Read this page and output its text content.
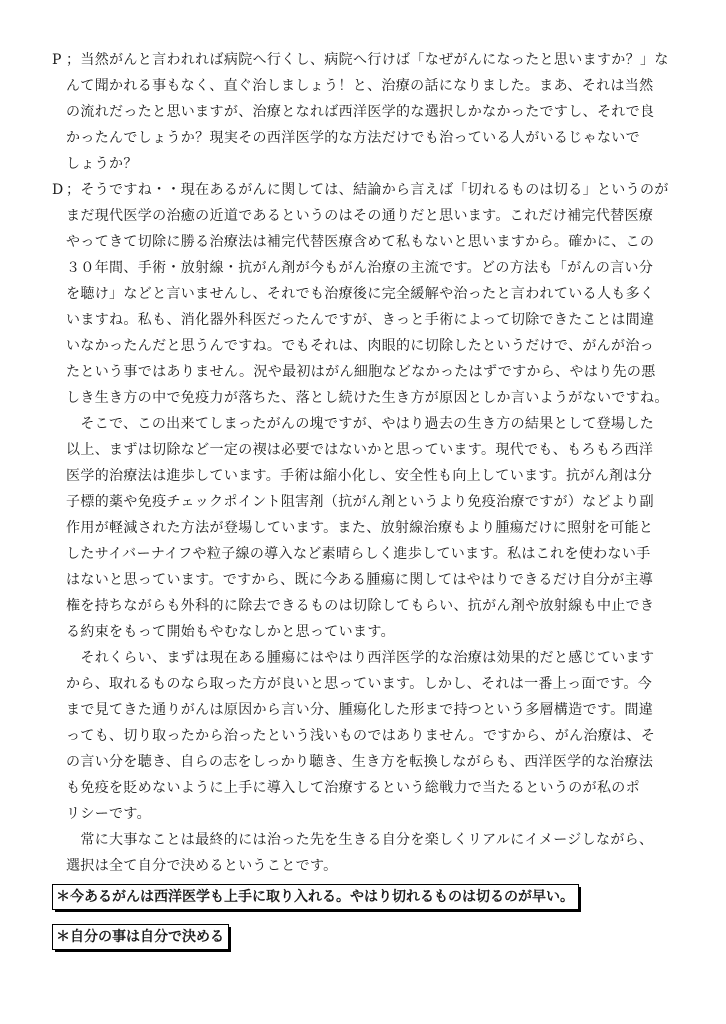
P ；当然がんと言われれば病院へ行くし、病院へ行けば「なぜがんになったと思いますか？」な
んて聞かれる事もなく、直ぐ治しましょう！と、治療の話になりました。まあ、それは当然
の流れだったと思いますが、治療となれば西洋医学的な選択しかなかったですし、それで良
かったんでしょうか？現実その西洋医学的な方法だけでも治っている人がいるじゃないで
しょうか？
D ；そうですね・・現在あるがんに関しては、結論から言えば「切れるものは切る」というのが
まだ現代医学の治癒の近道であるというのはその通りだと思います。これだけ補完代替医療
やってきて切除に勝る治療法は補完代替医療含めて私もないと思いますから。確かに、この
３０年間、手術・放射線・抗がん剤が今もがん治療の主流です。どの方法も「がんの言い分
を聴け」などと言いませんし、それでも治療後に完全緩解や治ったと言われている人も多く
いますね。私も、消化器外科医だったんですが、きっと手術によって切除できたことは間違
いなかったんだと思うんですね。でもそれは、肉眼的に切除したというだけで、がんが治っ
たという事ではありません。況や最初はがん細胞などなかったはずですから、やはり先の悪
しき生き方の中で免疫力が落ちた、落とし続けた生き方が原因としか言いようがないですね。
　そこで、この出来てしまったがんの塊ですが、やはり過去の生き方の結果として登場した
以上、まずは切除など一定の禊は必要ではないかと思っています。現代でも、もろもろ西洋
医学的治療法は進歩しています。手術は縮小化し、安全性も向上しています。抗がん剤は分
子標的薬や免疫チェックポイント阻害剤（抗がん剤というより免疫治療ですが）などより副
作用が軽減された方法が登場しています。また、放射線治療もより腫瘍だけに照射を可能と
したサイバーナイフや粒子線の導入など素晴らしく進歩しています。私はこれを使わない手
はないと思っています。ですから、既に今ある腫瘍に関してはやはりできるだけ自分が主導
権を持ちながらも外科的に除去できるものは切除してもらい、抗がん剤や放射線も中止でき
る約束をもって開始もやむなしかと思っています。
　それくらい、まずは現在ある腫瘍にはやはり西洋医学的な治療は効果的だと感じています
から、取れるものなら取った方が良いと思っています。しかし、それは一番上っ面です。今
まで見てきた通りがんは原因から言い分、腫瘍化した形まで持つという多層構造です。間違
っても、切り取ったから治ったという浅いものではありません。ですから、がん治療は、そ
の言い分を聴き、自らの志をしっかり聴き、生き方を転換しながらも、西洋医学的な治療法
も免疫を貶めないように上手に導入して治療するという総戦力で当たるというのが私のポ
リシーです。
　常に大事なことは最終的には治った先を生きる自分を楽しくリアルにイメージしながら、
選択は全て自分で決めるということです。
＊今あるがんは西洋医学も上手に取り入れる。やはり切れるものは切るのが早い。
＊自分の事は自分で決める
